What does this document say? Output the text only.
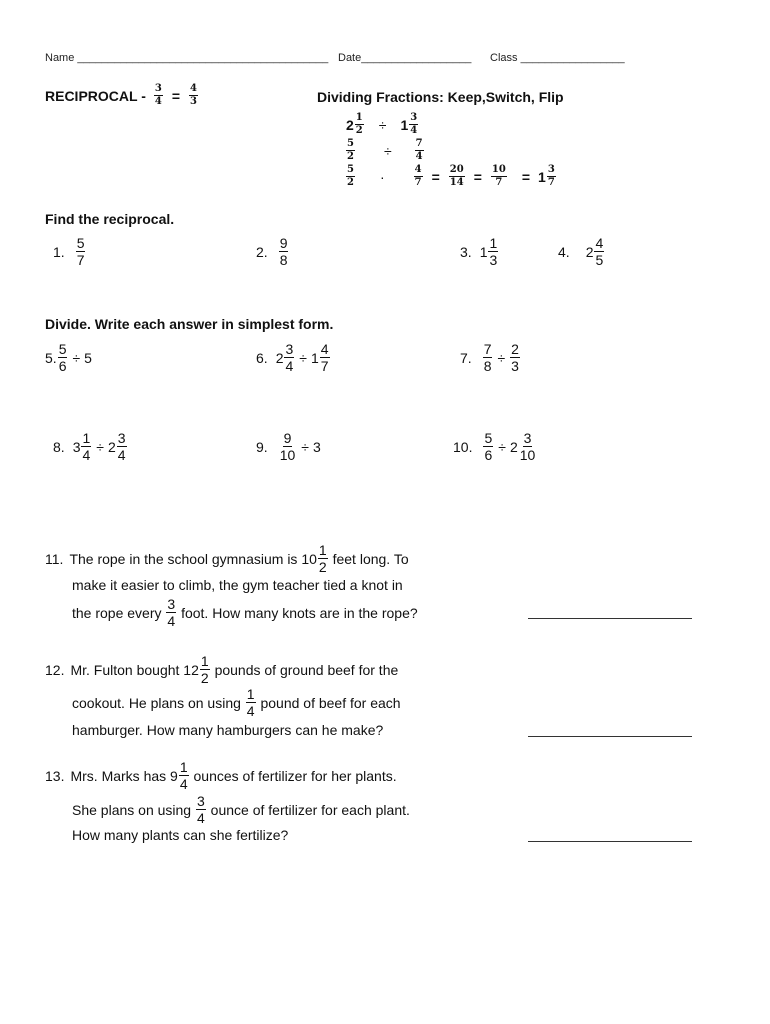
Name _________________________________________ Date__________________ Class _________________
RECIPROCAL - $\frac{3}{4} = \frac{4}{3}$	Dividing Fractions: Keep,Switch, Flip
$2 \frac{1}{2} \div 1 \frac{3}{4}$
$\frac{5}{2} \div \frac{7}{4}$
$\frac{5}{2}$ ·	$\frac{4}{7} = \frac{20}{14} = \frac{10}{7} = 1 \frac{3}{7}$
Find the reciprocal.
1. $\frac{5}{7}$	2. $\frac{9}{8}$	3. $1 \frac{1}{3}$	4. $2 \frac{4}{5}$
Divide. Write each answer in simplest form.
5. $\frac{5}{6} \div 5$	6. $2 \frac{3}{4} \div 1 \frac{4}{7}$	7. $\frac{7}{8} \div \frac{2}{3}$
8. $3 \frac{1}{4} \div 2 \frac{3}{4}$	9. $\frac{9}{10} \div 3$	10. $\frac{5}{6} \div 2 \frac{3}{10}$
11. The rope in the school gymnasium is $10 \frac{1}{2}$ feet long. To
make it easier to climb, the gym teacher tied a knot in
the rope every $\frac{3}{4}$ foot. How many knots are in the rope?
12. Mr. Fulton bought $12 \frac{1}{2}$ pounds of ground beef for the
cookout. He plans on using $\frac{1}{4}$ pound of beef for each
hamburger. How many hamburgers can he make?
13. Mrs. Marks has $9 \frac{1}{4}$ ounces of fertilizer for her plants.
She plans on using $\frac{3}{4}$ ounce of fertilizer for each plant.
How many plants can she fertilize?
